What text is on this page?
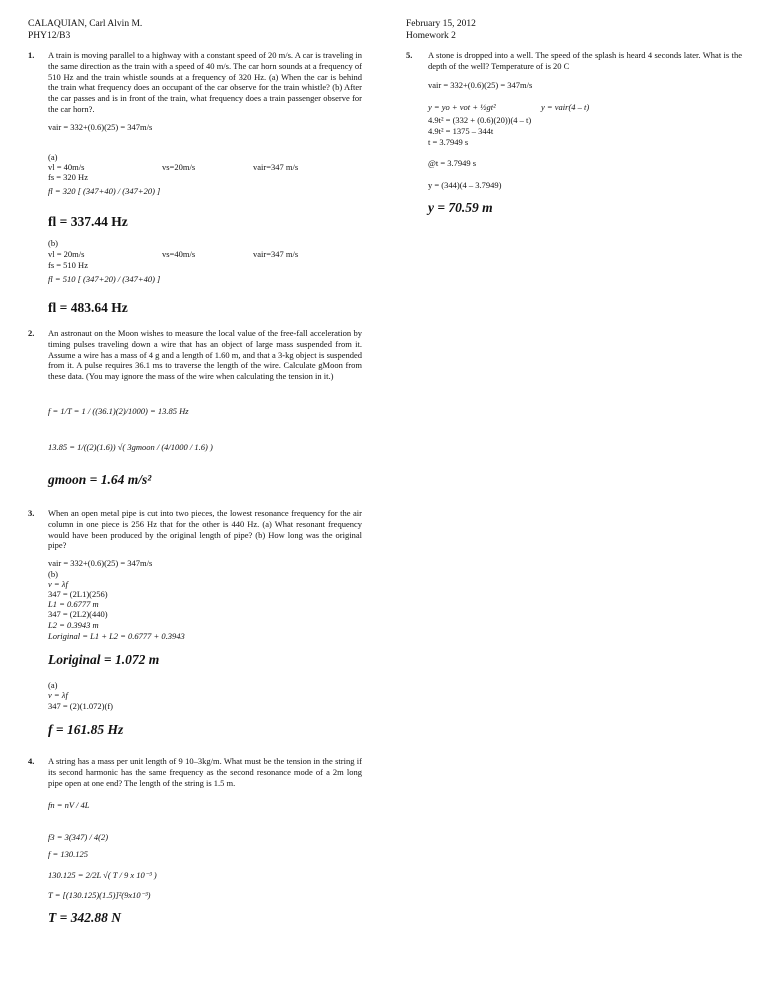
CALAQUIAN, Carl Alvin M.
PHY12/B3
February 15, 2012
Homework 2
1. A train is moving parallel to a highway with a constant speed of 20 m/s. A car is traveling in the same direction as the train with a speed of 40 m/s. The car horn sounds at a frequency of 510 Hz and the train whistle sounds at a frequency of 320 Hz. (a) When the car is behind the train what frequency does an occupant of the car observe for the train whistle? (b) After the car passes and is in front of the train, what frequency does a train passenger observe for the car horn?.
vair = 332+(0.6)(25) = 347m/s
(a)
vl = 40m/s	vs=20m/s	vair=347 m/s
fs = 320 Hz
fl = 320 [ (347+40) / (347+20) ]
fl = 337.44 Hz
(b)
vl = 20m/s	vs=40m/s	vair=347 m/s
fs = 510 Hz
fl = 510 [ (347+20) / (347+40) ]
fl = 483.64 Hz
2. An astronaut on the Moon wishes to measure the local value of the free-fall acceleration by timing pulses traveling down a wire that has an object of large mass suspended from it. Assume a wire has a mass of 4 g and a length of 1.60 m, and that a 3-kg object is suspended from it. A pulse requires 36.1 ms to traverse the length of the wire. Calculate gMoon from these data. (You may ignore the mass of the wire when calculating the tension in it.)
f = 1/T = 1 / ((36.1)(2)/1000) = 13.85 Hz
13.85 = 1/((2)(1.6)) √( 3gmoon / (4/1000 / 1.6) )
gmoon = 1.64 m/s²
3. When an open metal pipe is cut into two pieces, the lowest resonance frequency for the air column in one piece is 256 Hz that for the other is 440 Hz. (a) What resonant frequency would have been produced by the original length of pipe? (b) How long was the original pipe?
vair = 332+(0.6)(25) = 347m/s
(b)
v = λf
347 = (2L1)(256)
L1 = 0.6777 m
347 = (2L2)(440)
L2 = 0.3943 m
Loriginal = L1 + L2 = 0.6777 + 0.3943
Loriginal = 1.072 m
(a)
v = λf
347 = (2)(1.072)(f)
f = 161.85 Hz
4. A string has a mass per unit length of 9 10–3kg/m. What must be the tension in the string if its second harmonic has the same frequency as the second resonance mode of a 2m long pipe open at one end? The length of the string is 1.5 m.
fn = nV / 4L
f3 = 3(347) / 4(2)
f = 130.125
130.125 = 2/2L √( T / 9 x 10⁻³ )
T = [(130.125)(1.5)]²(9x10⁻³)
T = 342.88 N
5. A stone is dropped into a well. The speed of the splash is heard 4 seconds later. What is the depth of the well? Temperature of is 20 C
vair = 332+(0.6)(25) = 347m/s
y = yo + vot + ½gt²	y = vair(4 – t)
4.9t² = (332 + (0.6)(20))(4 – t)
4.9t² = 1375 – 344t
t = 3.7949 s
@t = 3.7949 s
y = (344)(4 – 3.7949)
y = 70.59 m
